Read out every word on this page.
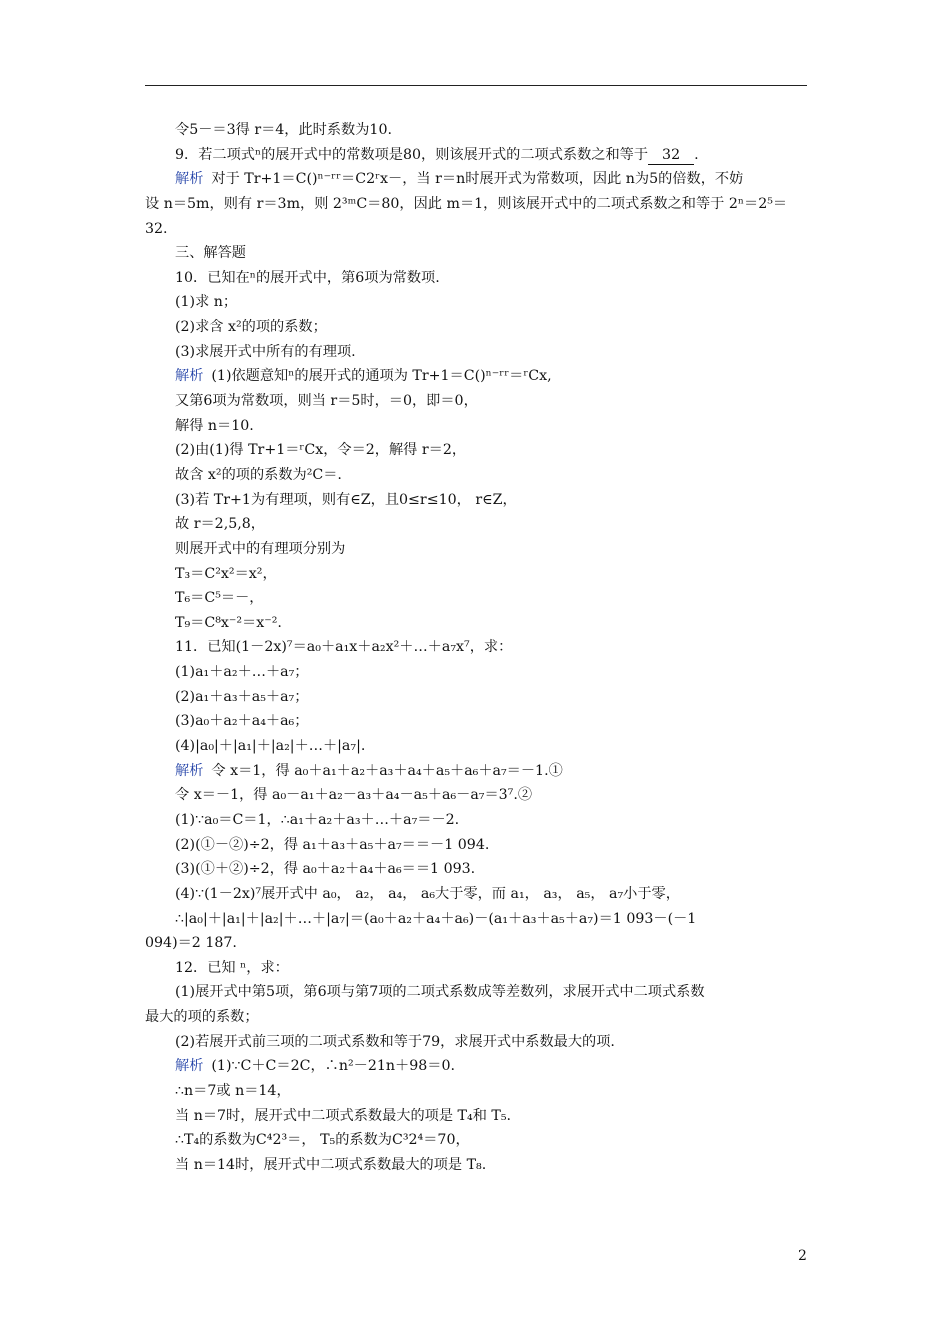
令5－＝3得 r＝4，此时系数为10.
9．若二项式ⁿ的展开式中的常数项是80，则该展开式的二项式系数之和等于 32 .
解析 对于 Tr+1＝C()ⁿ⁻ʳʳ＝C2ʳx－，当 r＝n时展开式为常数项，因此 n为5的倍数，不妨
设 n＝5m，则有 r＝3m，则 2³ᵐC＝80，因此 m＝1，则该展开式中的二项式系数之和等于 2ⁿ＝2⁵＝
32.
三、解答题
10．已知在ⁿ的展开式中，第6项为常数项.
(1)求 n；
(2)求含 x²的项的系数；
(3)求展开式中所有的有理项.
解析 (1)依题意知ⁿ的展开式的通项为 Tr+1＝C()ⁿ⁻ʳʳ＝ʳCx,
又第6项为常数项，则当 r＝5时，＝0，即＝0，
解得 n＝10.
(2)由(1)得 Tr+1＝ʳCx，令＝2，解得 r＝2，
故含 x²的项的系数为²C＝.
(3)若 Tr+1为有理项，则有∈Z，且0≤r≤10， r∈Z，
故 r＝2,5,8，
则展开式中的有理项分别为
T₃＝C²x²＝x²，
T₆＝C⁵＝－，
T₉＝C⁸x⁻²＝x⁻².
11．已知(1－2x)⁷＝a₀＋a₁x＋a₂x²＋…＋a₇x⁷，求：
(1)a₁＋a₂＋…＋a₇；
(2)a₁＋a₃＋a₅＋a₇；
(3)a₀＋a₂＋a₄＋a₆；
(4)|a₀|＋|a₁|＋|a₂|＋…＋|a₇|.
解析 令 x＝1，得 a₀＋a₁＋a₂＋a₃＋a₄＋a₅＋a₆＋a₇＝－1.①
令 x＝－1，得 a₀－a₁＋a₂－a₃＋a₄－a₅＋a₆－a₇＝3⁷.②
(1)∵a₀＝C＝1，∴a₁＋a₂＋a₃＋…＋a₇＝－2.
(2)(①－②)÷2，得 a₁＋a₃＋a₅＋a₇＝＝－1 094.
(3)(①＋②)÷2，得 a₀＋a₂＋a₄＋a₆＝＝1 093.
(4)∵(1－2x)⁷展开式中 a₀， a₂， a₄， a₆大于零，而 a₁， a₃， a₅， a₇小于零，
∴|a₀|＋|a₁|＋|a₂|＋…＋|a₇|＝(a₀＋a₂＋a₄＋a₆)－(a₁＋a₃＋a₅＋a₇)＝1 093－(－1
094)＝2 187.
12．已知 ⁿ，求：
(1)展开式中第5项，第6项与第7项的二项式系数成等差数列，求展开式中二项式系数
最大的项的系数；
(2)若展开式前三项的二项式系数和等于79，求展开式中系数最大的项.
解析 (1)∵C＋C＝2C，∴n²－21n＋98＝0.
∴n＝7或 n＝14，
当 n＝7时，展开式中二项式系数最大的项是 T₄和 T₅.
∴T₄的系数为C⁴2³＝， T₅的系数为C³2⁴＝70，
当 n＝14时，展开式中二项式系数最大的项是 T₈.
2
